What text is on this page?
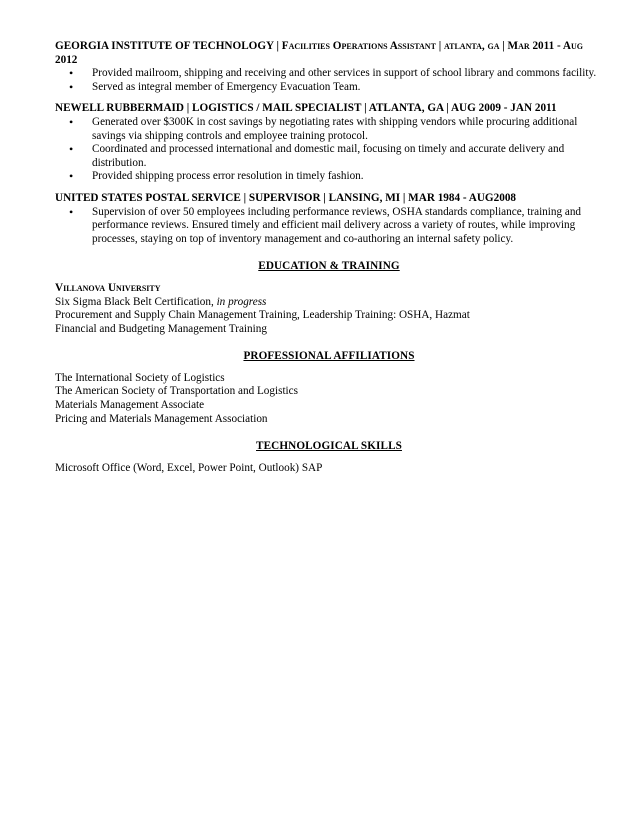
GEORGIA INSTITUTE OF TECHNOLOGY | Facilities Operations Assistant | atlanta, ga | Mar 2011 - Aug 2012

• Provided mailroom, shipping and receiving and other services in support of school library and commons facility.
• Served as integral member of Emergency Evacuation Team.

NEWELL RUBBERMAID | LOGISTICS / MAIL SPECIALIST | ATLANTA, GA | AUG 2009 - JAN 2011

• Generated over $300K in cost savings by negotiating rates with shipping vendors while procuring additional savings via shipping controls and employee training protocol.
• Coordinated and processed international and domestic mail, focusing on timely and accurate delivery and distribution.
• Provided shipping process error resolution in timely fashion.

UNITED STATES POSTAL SERVICE | SUPERVISOR | LANSING, MI | MAR 1984 - AUG2008

• Supervision of over 50 employees including performance reviews, OSHA standards compliance, training and performance reviews. Ensured timely and efficient mail delivery across a variety of routes, while improving processes, staying on top of inventory management and co-authoring an internal safety policy.
EDUCATION & TRAINING

Villanova University

Six Sigma Black Belt Certification, in progress

Procurement and Supply Chain Management Training, Leadership Training: OSHA, Hazmat

Financial and Budgeting Management Training

PROFESSIONAL AFFILIATIONS

The International Society of Logistics

The American Society of Transportation and Logistics

Materials Management Associate

Pricing and Materials Management Association

TECHNOLOGICAL SKILLS

Microsoft Office (Word, Excel, Power Point, Outlook) SAP
